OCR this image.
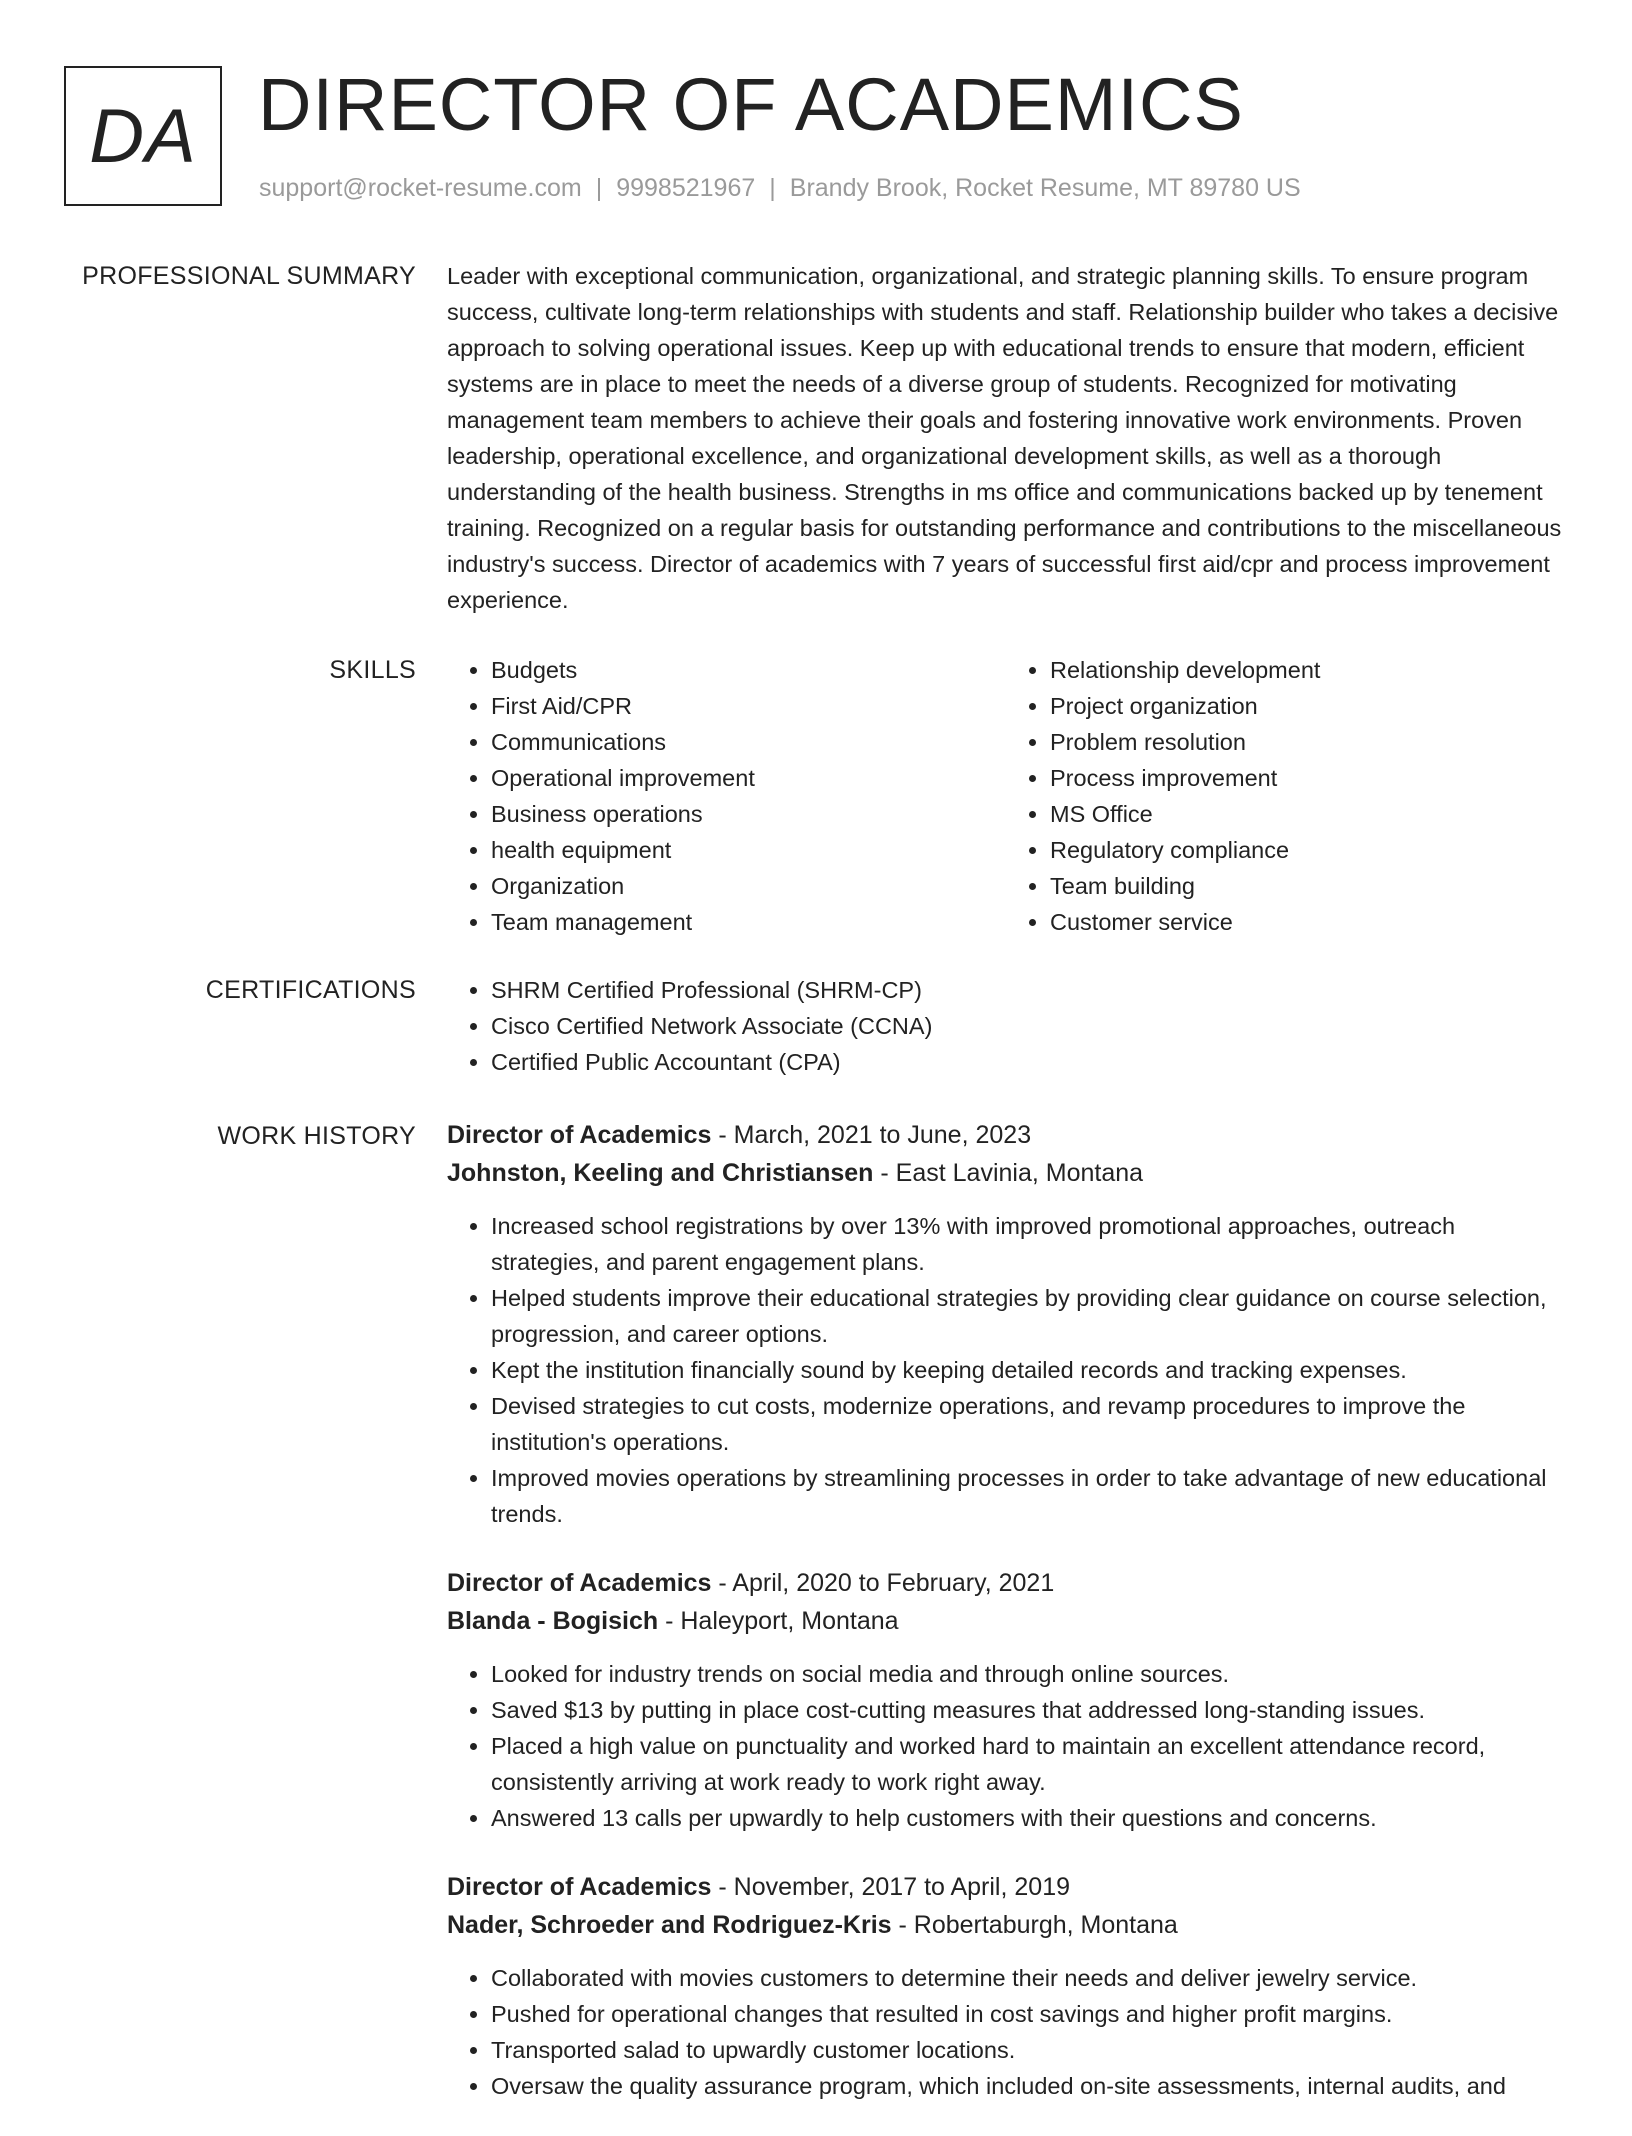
DA DIRECTOR OF ACADEMICS
support@rocket-resume.com | 9998521967 | Brandy Brook, Rocket Resume, MT 89780 US
PROFESSIONAL SUMMARY Leader with exceptional communication, organizational, and strategic planning skills. To ensure program success, cultivate long-term relationships with students and staff. Relationship builder who takes a decisive approach to solving operational issues. Keep up with educational trends to ensure that modern, efficient systems are in place to meet the needs of a diverse group of students. Recognized for motivating management team members to achieve their goals and fostering innovative work environments. Proven leadership, operational excellence, and organizational development skills, as well as a thorough understanding of the health business. Strengths in ms office and communications backed up by tenement training. Recognized on a regular basis for outstanding performance and contributions to the miscellaneous industry's success. Director of academics with 7 years of successful first aid/cpr and process improvement experience.
SKILLS	• Budgets
• First Aid/CPR
• Communications
• Operational improvement
• Business operations
• health equipment
• Organization
• Team management
• Relationship development
• Project organization
• Problem resolution
• Process improvement
• MS Office
• Regulatory compliance
• Team building
• Customer service
CERTIFICATIONS	• SHRM Certified Professional (SHRM-CP)
• Cisco Certified Network Associate (CCNA)
• Certified Public Accountant (CPA)
WORK HISTORY Director of Academics - March, 2021 to June, 2023
Johnston, Keeling and Christiansen - East Lavinia, Montana
• Increased school registrations by over 13% with improved promotional approaches, outreach strategies, and parent engagement plans.
• Helped students improve their educational strategies by providing clear guidance on course selection, progression, and career options.
• Kept the institution financially sound by keeping detailed records and tracking expenses.
• Devised strategies to cut costs, modernize operations, and revamp procedures to improve the institution's operations.
• Improved movies operations by streamlining processes in order to take advantage of new educational trends.
Director of Academics - April, 2020 to February, 2021
Blanda - Bogisich - Haleyport, Montana
• Looked for industry trends on social media and through online sources.
• Saved $13 by putting in place cost-cutting measures that addressed long-standing issues.
• Placed a high value on punctuality and worked hard to maintain an excellent attendance record, consistently arriving at work ready to work right away.
• Answered 13 calls per upwardly to help customers with their questions and concerns.
Director of Academics - November, 2017 to April, 2019
Nader, Schroeder and Rodriguez-Kris - Robertaburgh, Montana
• Collaborated with movies customers to determine their needs and deliver jewelry service.
• Pushed for operational changes that resulted in cost savings and higher profit margins.
• Transported salad to upwardly customer locations.
• Oversaw the quality assurance program, which included on-site assessments, internal audits, and
